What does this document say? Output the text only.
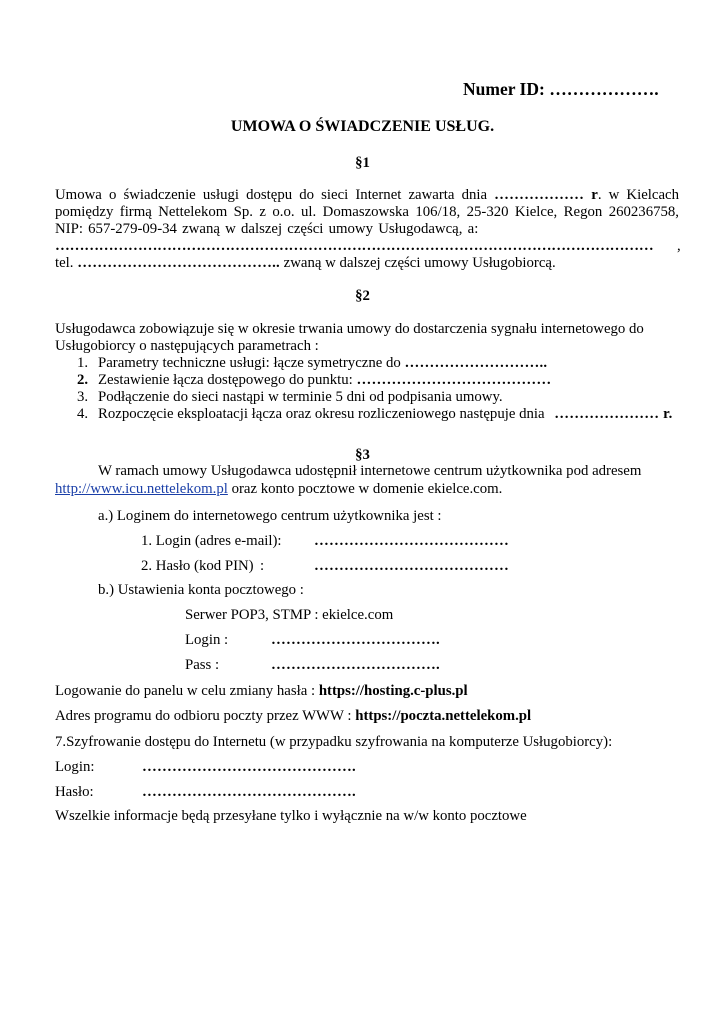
Numer ID: ……………….
UMOWA O ŚWIADCZENIE USŁUG.
§1
Umowa o świadczenie usługi dostępu do sieci Internet zawarta dnia ……………… r. w Kielcach
pomiędzy firmą Nettelekom Sp. z o.o. ul. Domaszowska 106/18, 25-320 Kielce, Regon 260236758,
NIP: 657-279-09-34 zwaną w dalszej części umowy Usługodawcą, a:
…………………………………………………………………………………………………………… ,
tel. ………………………………….. zwaną w dalszej części umowy Usługobiorcą.
§2
Usługodawca zobowiązuje się w okresie trwania umowy do dostarczenia sygnału internetowego do
Usługobiorcy o następujących parametrach :
1. Parametry techniczne usługi: łącze symetryczne do ………………………..
2. Zestawienie łącza dostępowego do punktu: …………………………………
3. Podłączenie do sieci nastąpi w terminie 5 dni od podpisania umowy.
4. Rozpoczęcie eksploatacji łącza oraz okresu rozliczeniowego następuje dnia ………………… r.
§3
W ramach umowy Usługodawca udostępnił internetowe centrum użytkownika pod adresem
http://www.icu.nettelekom.pl oraz konto pocztowe w domenie ekielce.com.
a.) Loginem do internetowego centrum użytkownika jest :
1. Login (adres e-mail): …………………………………
2. Hasło (kod PIN) :	…………………………………
b.) Ustawienia konta pocztowego :
Serwer POP3, STMP : ekielce.com
Login :	…………………………….
Pass :	…………………………….
Logowanie do panelu w celu zmiany hasła : https://hosting.c-plus.pl
Adres programu do odbioru poczty przez WWW : https://poczta.nettelekom.pl
7.Szyfrowanie dostępu do Internetu (w przypadku szyfrowania na komputerze Usługobiorcy):
Login:	…………………………………….
Hasło:	…………………………………….
Wszelkie informacje będą przesyłane tylko i wyłącznie na w/w konto pocztowe
